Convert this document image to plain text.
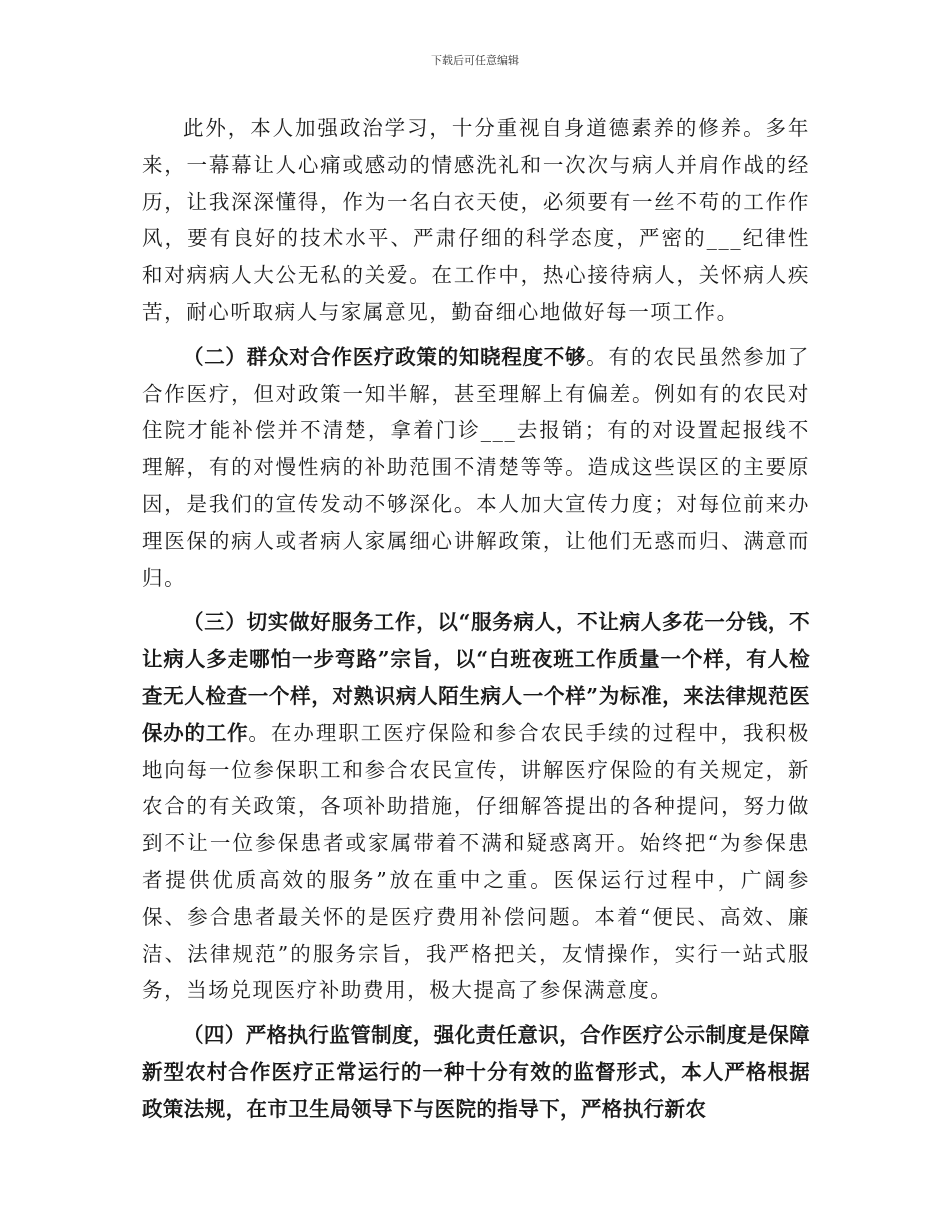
下载后可任意编辑

此外，本人加强政治学习，十分重视自身道德素养的修养。多年来，一幕幕让人心痛或感动的情感洗礼和一次次与病人并肩作战的经历，让我深深懂得，作为一名白衣天使，必须要有一丝不苟的工作作风，要有良好的技术水平、严肃仔细的科学态度，严密的___纪律性和对病病人大公无私的关爱。在工作中，热心接待病人，关怀病人疾苦，耐心听取病人与家属意见，勤奋细心地做好每一项工作。

（二）群众对合作医疗政策的知晓程度不够。有的农民虽然参加了合作医疗，但对政策一知半解，甚至理解上有偏差。例如有的农民对住院才能补偿并不清楚，拿着门诊___去报销；有的对设置起报线不理解，有的对慢性病的补助范围不清楚等等。造成这些误区的主要原因，是我们的宣传发动不够深化。本人加大宣传力度；对每位前来办理医保的病人或者病人家属细心讲解政策，让他们无惑而归、满意而归。

（三）切实做好服务工作，以“服务病人，不让病人多花一分钱，不让病人多走哪怕一步弯路”宗旨，以“白班夜班工作质量一个样，有人检查无人检查一个样，对熟识病人陌生病人一个样”为标准，来法律规范医保办的工作。在办理职工医疗保险和参合农民手续的过程中，我积极地向每一位参保职工和参合农民宣传，讲解医疗保险的有关规定，新农合的有关政策，各项补助措施，仔细解答提出的各种提问，努力做到不让一位参保患者或家属带着不满和疑惑离开。始终把“为参保患者提供优质高效的服务”放在重中之重。医保运行过程中，广阔参保、参合患者最关怀的是医疗费用补偿问题。本着“便民、高效、廉洁、法律规范”的服务宗旨，我严格把关，友情操作，实行一站式服务，当场兑现医疗补助费用，极大提高了参保满意度。

（四）严格执行监管制度，强化责任意识，合作医疗公示制度是保障新型农村合作医疗正常运行的一种十分有效的监督形式，本人严格根据政策法规，在市卫生局领导下与医院的指导下，严格执行新农
